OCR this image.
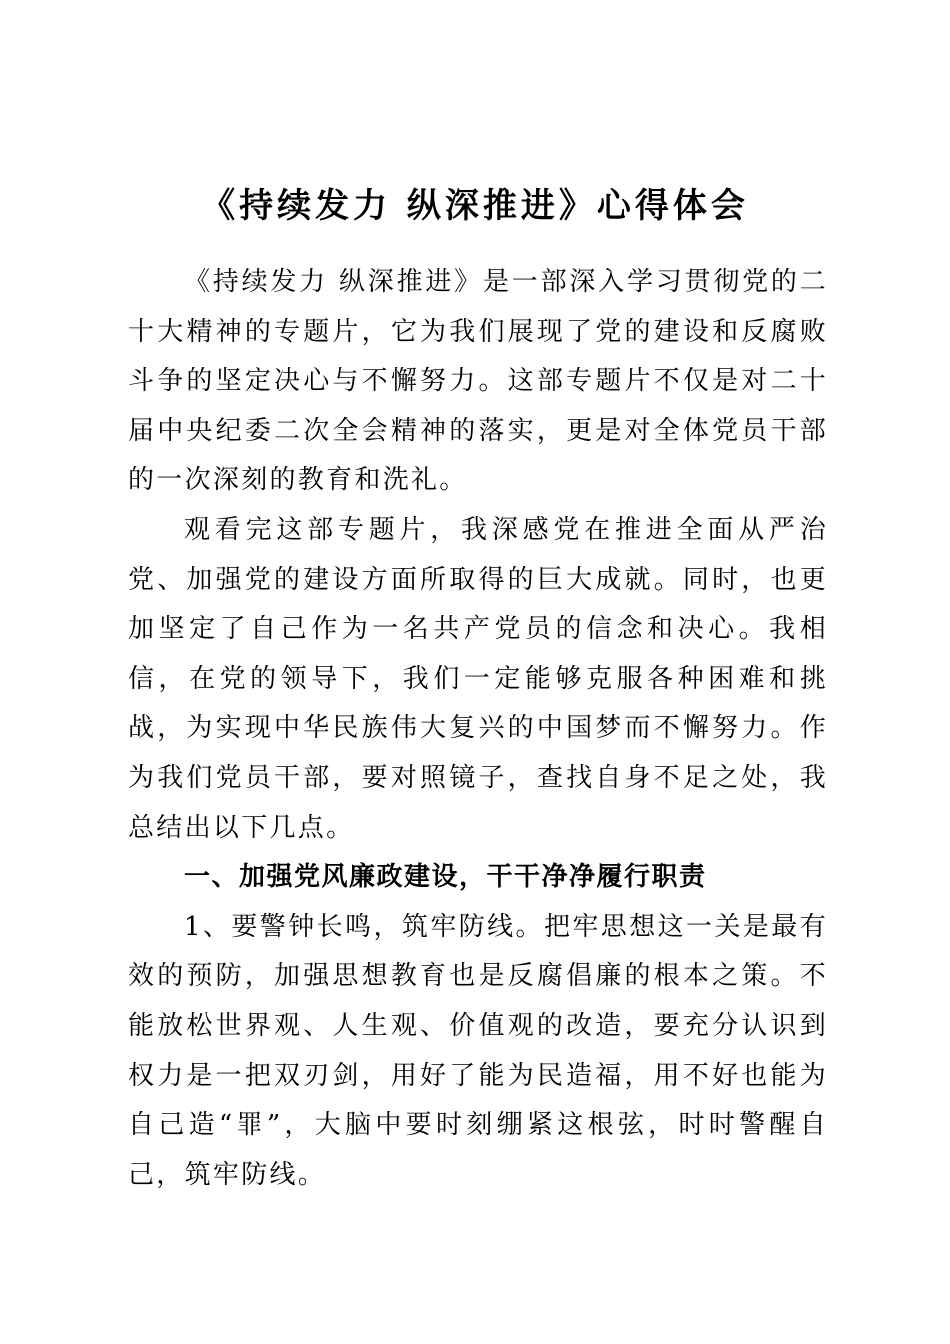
《持续发力 纵深推进》心得体会

《持续发力 纵深推进》是一部深入学习贯彻党的二十大精神的专题片，它为我们展现了党的建设和反腐败斗争的坚定决心与不懈努力。这部专题片不仅是对二十届中央纪委二次全会精神的落实，更是对全体党员干部的一次深刻的教育和洗礼。

观看完这部专题片，我深感党在推进全面从严治党、加强党的建设方面所取得的巨大成就。同时，也更加坚定了自己作为一名共产党员的信念和决心。我相信，在党的领导下，我们一定能够克服各种困难和挑战，为实现中华民族伟大复兴的中国梦而不懈努力。作为我们党员干部，要对照镜子，查找自身不足之处，我总结出以下几点。

一、加强党风廉政建设，干干净净履行职责

1、要警钟长鸣，筑牢防线。把牢思想这一关是最有效的预防，加强思想教育也是反腐倡廉的根本之策。不能放松世界观、人生观、价值观的改造，要充分认识到权力是一把双刃剑，用好了能为民造福，用不好也能为自己造“罪”，大脑中要时刻绷紧这根弦，时时警醒自己，筑牢防线。
